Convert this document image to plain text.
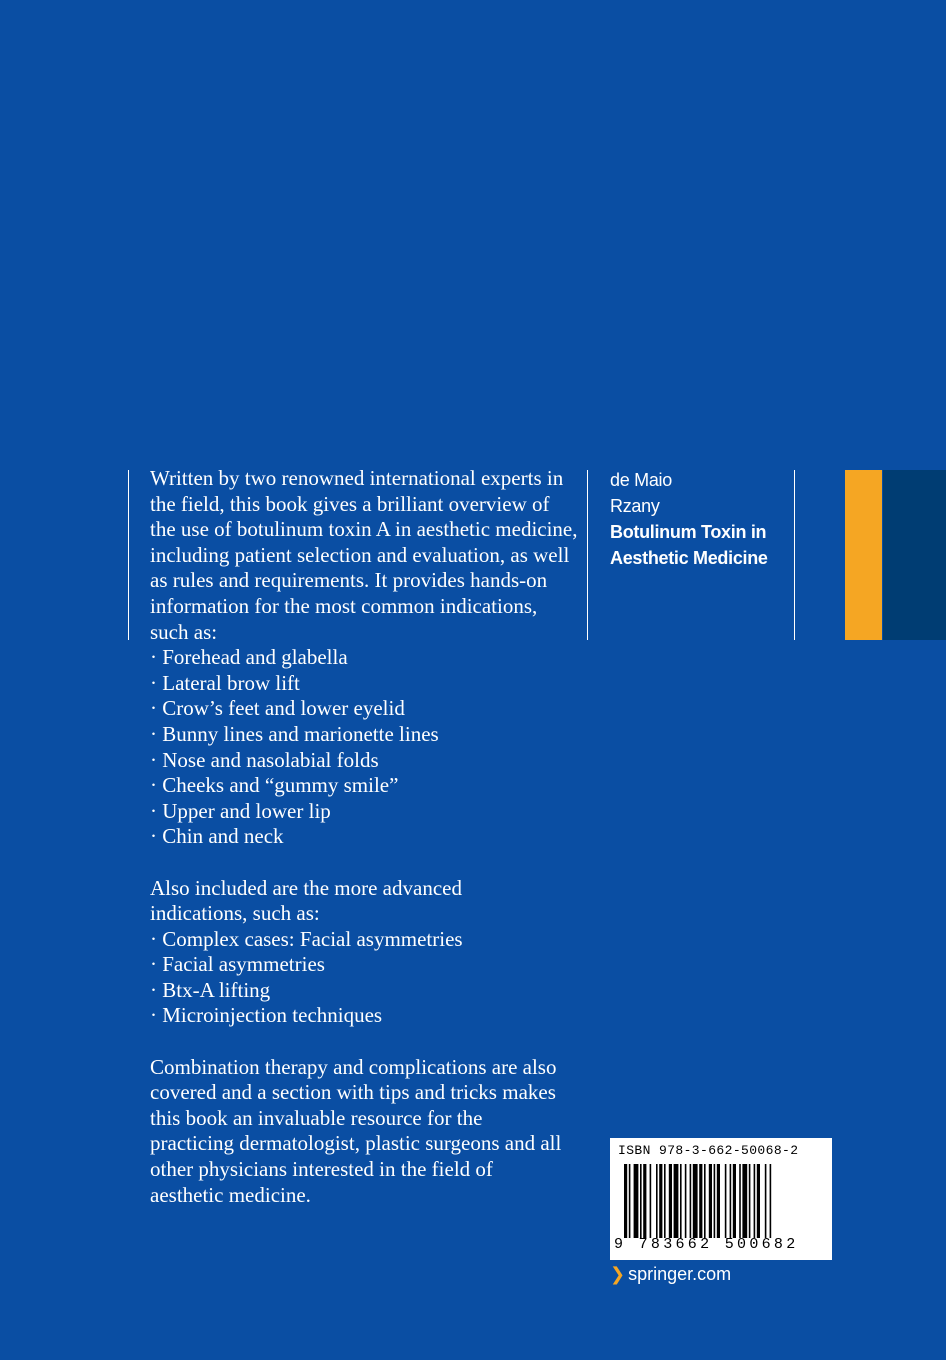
Written by two renowned international experts in the field, this book gives a brilliant overview of the use of botulinum toxin A in aesthetic medicine, including patient selection and evaluation, as well as rules and requirements. It provides hands-on information for the most common indications, such as:

· Forehead and glabella
· Lateral brow lift
· Crow’s feet and lower eyelid
· Bunny lines and marionette lines
· Nose and nasolabial folds
· Cheeks and “gummy smile”
· Upper and lower lip
· Chin and neck

Also included are the more advanced indications, such as:

· Complex cases: Facial asymmetries
· Facial asymmetries
· Btx-A lifting
· Microinjection techniques

Combination therapy and complications are also covered and a section with tips and tricks makes this book an invaluable resource for the practicing dermatologist, plastic surgeons and all other physicians interested in the field of aesthetic medicine.

de Maio
Rzany
Botulinum Toxin in
Aesthetic Medicine
ISBN 978-3-662-50068-2
9 783662 500682
❯ springer.com
